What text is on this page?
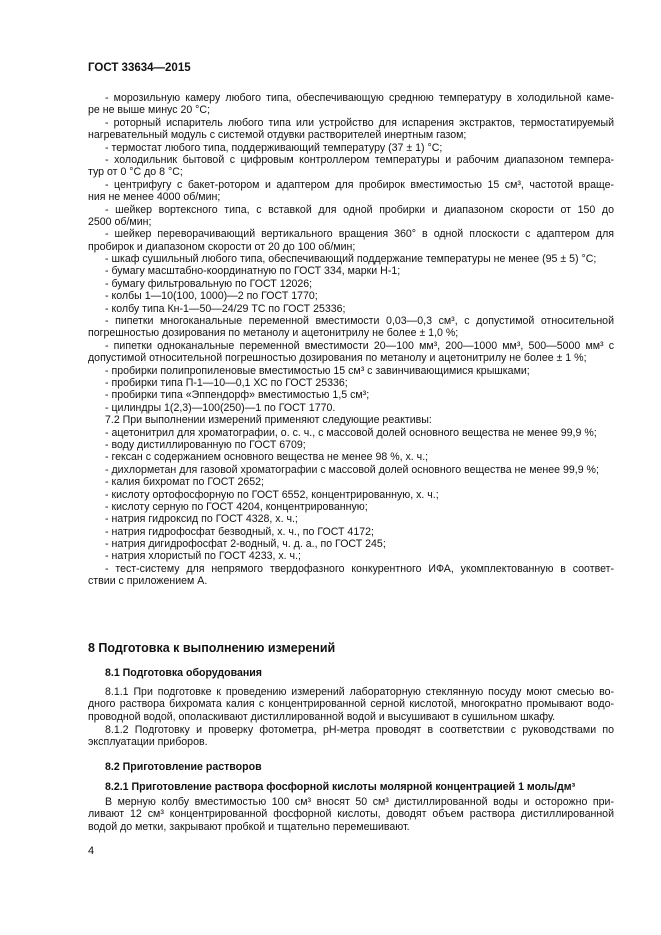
ГОСТ 33634—2015
- морозильную камеру любого типа, обеспечивающую среднюю температуру в холодильной каме-
ре не выше минус 20 °С;
- роторный испаритель любого типа или устройство для испарения экстрактов, термостатируемый
нагревательный модуль с системой отдувки растворителей инертным газом;
- термостат любого типа, поддерживающий температуру (37 ± 1) °С;
- холодильник бытовой с цифровым контроллером температуры и рабочим диапазоном темпера-
тур от 0 °С до 8 °С;
- центрифугу с бакет-ротором и адаптером для пробирок вместимостью 15 см³, частотой враще-
ния не менее 4000 об/мин;
- шейкер вортексного типа, с вставкой для одной пробирки и диапазоном скорости от 150 до
2500 об/мин;
- шейкер переворачивающий вертикального вращения 360° в одной плоскости с адаптером для
пробирок и диапазоном скорости от 20 до 100 об/мин;
- шкаф сушильный любого типа, обеспечивающий поддержание температуры не менее (95 ± 5) °С;
- бумагу масштабно-координатную по ГОСТ 334, марки Н-1;
- бумагу фильтровальную по ГОСТ 12026;
- колбы 1—10(100, 1000)—2 по ГОСТ 1770;
- колбу типа Кн-1—50—24/29 ТС по ГОСТ 25336;
- пипетки многоканальные переменной вместимости 0,03—0,3 см³, с допустимой относительной
погрешностью дозирования по метанолу и ацетонитрилу не более ± 1,0 %;
- пипетки одноканальные переменной вместимости 20—100 мм³, 200—1000 мм³, 500—5000 мм³ с
допустимой относительной погрешностью дозирования по метанолу и ацетонитрилу не более ± 1 %;
- пробирки полипропиленовые вместимостью 15 см³ с завинчивающимися крышками;
- пробирки типа П-1—10—0,1 ХС по ГОСТ 25336;
- пробирки типа «Эппендорф» вместимостью 1,5 см³;
- цилиндры 1(2,3)—100(250)—1 по ГОСТ 1770.
7.2 При выполнении измерений применяют следующие реактивы:
- ацетонитрил для хроматографии, о. с. ч., с массовой долей основного вещества не менее 99,9 %;
- воду дистиллированную по ГОСТ 6709;
- гексан с содержанием основного вещества не менее 98 %, х. ч.;
- дихлорметан для газовой хроматографии с массовой долей основного вещества не менее 99,9 %;
- калия бихромат по ГОСТ 2652;
- кислоту ортофосфорную по ГОСТ 6552, концентрированную, х. ч.;
- кислоту серную по ГОСТ 4204, концентрированную;
- натрия гидроксид по ГОСТ 4328, х. ч.;
- натрия гидрофосфат безводный, х. ч., по ГОСТ 4172;
- натрия дигидрофосфат 2-водный, ч. д. а., по ГОСТ 245;
- натрия хлористый по ГОСТ 4233, х. ч.;
- тест-систему для непрямого твердофазного конкурентного ИФА, укомплектованную в соответ-
ствии с приложением А.
8 Подготовка к выполнению измерений
8.1 Подготовка оборудования
8.1.1 При подготовке к проведению измерений лабораторную стеклянную посуду моют смесью во-
дного раствора бихромата калия с концентрированной серной кислотой, многократно промывают водо-
проводной водой, ополаскивают дистиллированной водой и высушивают в сушильном шкафу.
8.1.2 Подготовку и проверку фотометра, рН-метра проводят в соответствии с руководствами по
эксплуатации приборов.
8.2 Приготовление растворов
8.2.1 Приготовление раствора фосфорной кислоты молярной концентрацией 1 моль/дм³
В мерную колбу вместимостью 100 см³ вносят 50 см³ дистиллированной воды и осторожно при-
ливают 12 см³ концентрированной фосфорной кислоты, доводят объем раствора дистиллированной
водой до метки, закрывают пробкой и тщательно перемешивают.
4
